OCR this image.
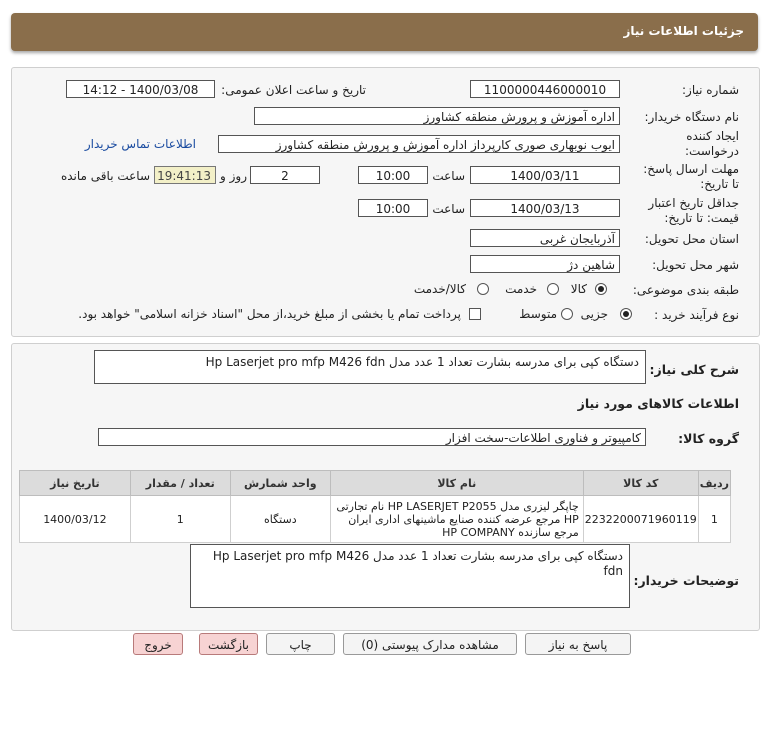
جزئیات اطلاعات نیاز
شماره نیاز:
1100000446000010
تاریخ و ساعت اعلان عمومی:
1400/03/08 - 14:12
نام دستگاه خریدار:
اداره آموزش و پرورش منطقه کشاورز
ایجاد کننده
درخواست:
ایوب نوبهاری صوری کارپرداز اداره آموزش و پرورش منطقه کشاورز
اطلاعات تماس خریدار
مهلت ارسال پاسخ:
تا تاریخ:
1400/03/11
ساعت
10:00
2
روز و
19:41:13
ساعت باقی مانده
جداقل تاریخ اعتبار
قیمت: تا تاریخ:
1400/03/13
ساعت
10:00
استان محل تحویل:
آذربایجان غربی
شهر محل تحویل:
شاهین دژ
طبقه بندی موضوعی:
کالا
خدمت
کالا/خدمت
نوع فرآیند خرید :
جزیی
متوسط
پرداخت تمام یا بخشی از مبلغ خرید،از محل "اسناد خزانه اسلامی" خواهد بود.
شرح کلی نیاز:
دستگاه کپی برای مدرسه بشارت تعداد 1 عدد مدل Hp Laserjet pro mfp M426 fdn
اطلاعات کالاهای مورد نیاز
گروه کالا:
کامپیوتر و فناوری اطلاعات-سخت افزار
ردیف	کد کالا	نام کالا	واحد شمارش	تعداد / مقدار	تاریخ نیاز
1	2232200071960119	چاپگر لیزری مدل HP LASERJET P2055 نام تجارتی HP مرجع عرضه کننده صنایع ماشینهای اداری ایران مرجع سازنده HP COMPANY	دستگاه	1	1400/03/12
توضیحات خریدار:
دستگاه کپی برای مدرسه بشارت تعداد 1 عدد مدل Hp Laserjet pro mfp M426 fdn
پاسخ به نیاز
مشاهده مدارک پیوستی (0)
چاپ
بازگشت
خروج
